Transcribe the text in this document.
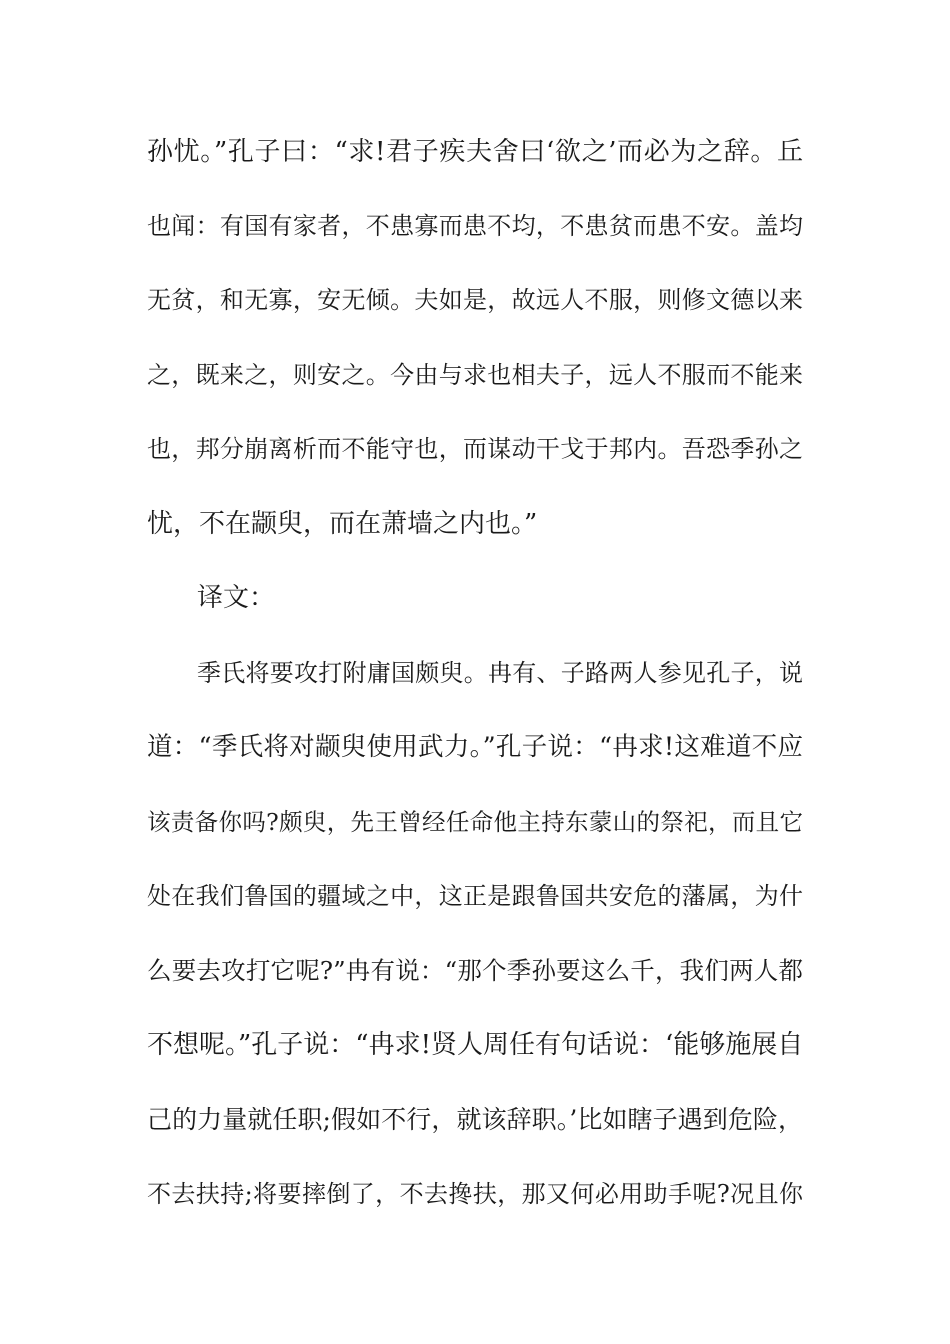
孙忧。”孔子曰：“求!君子疾夫舍曰‘欲之’而必为之辞。丘
也闻：有国有家者，不患寡而患不均，不患贫而患不安。盖均
无贫，和无寡，安无倾。夫如是，故远人不服，则修文德以来
之，既来之，则安之。今由与求也相夫子，远人不服而不能来
也，邦分崩离析而不能守也，而谋动干戈于邦内。吾恐季孙之
忧，不在颛臾，而在萧墙之内也。”
译文：
季氏将要攻打附庸国颇臾。冉有、子路两人参见孔子，说
道：“季氏将对颛臾使用武力。”孔子说：“冉求!这难道不应
该责备你吗?颇臾，先王曾经任命他主持东蒙山的祭祀，而且它
处在我们鲁国的疆域之中，这正是跟鲁国共安危的藩属，为什
么要去攻打它呢?”冉有说：“那个季孙要这么千，我们两人都
不想呢。”孔子说：“冉求!贤人周任有句话说：‘能够施展自
己的力量就任职;假如不行，就该辞职。’比如瞎子遇到危险，
不去扶持;将要摔倒了，不去搀扶，那又何必用助手呢?况且你
